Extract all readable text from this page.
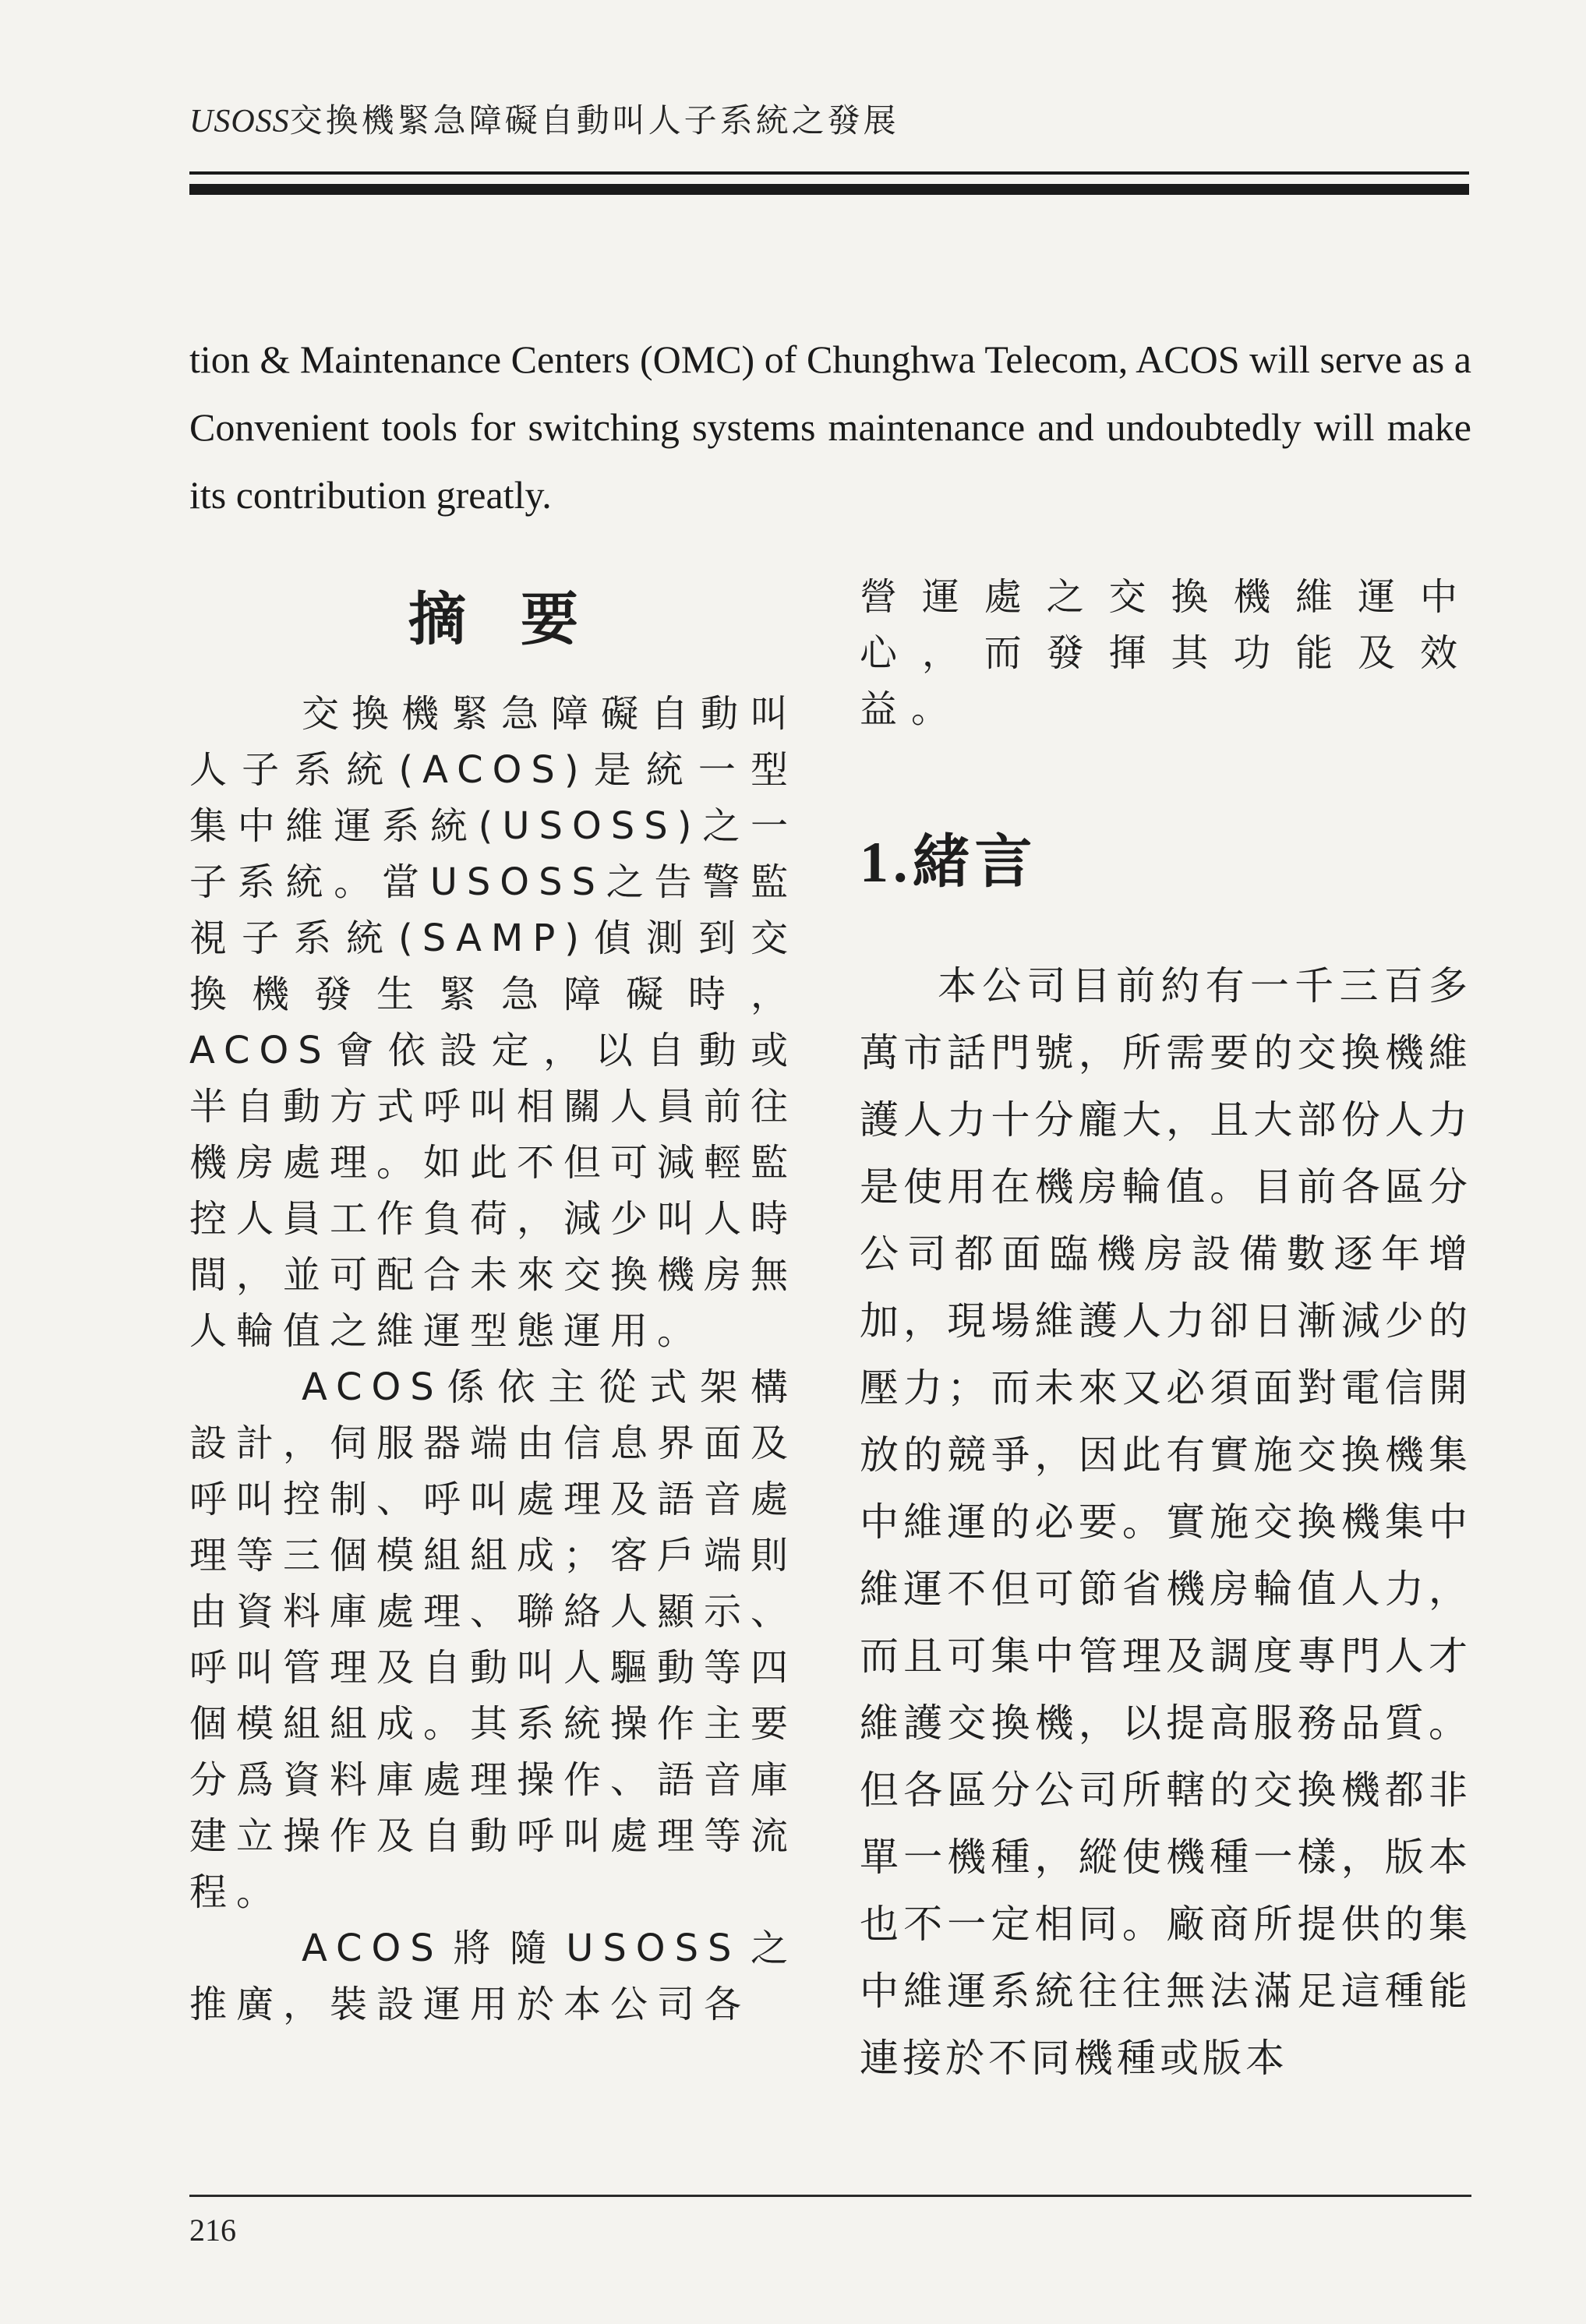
USOSS交換機緊急障礙自動叫人子系統之發展

tion & Maintenance Centers (OMC) of Chunghwa Telecom, ACOS will serve as a Convenient tools for switching systems maintenance and undoubtedly will make its contribution greatly.

摘要

交換機緊急障礙自動叫人子系統(ACOS)是統一型集中維運系統(USOSS)之一子系統。當USOSS之告警監視子系統(SAMP)偵測到交換機發生緊急障礙時，ACOS會依設定，以自動或半自動方式呼叫相關人員前往機房處理。如此不但可減輕監控人員工作負荷，減少叫人時間，並可配合未來交換機房無人輪值之維運型態運用。

ACOS係依主從式架構設計，伺服器端由信息界面及呼叫控制、呼叫處理及語音處理等三個模組組成；客戶端則由資料庫處理、聯絡人顯示、呼叫管理及自動叫人驅動等四個模組組成。其系統操作主要分爲資料庫處理操作、語音庫建立操作及自動呼叫處理等流程。

ACOS將隨USOSS之推廣，裝設運用於本公司各

營運處之交換機維運中心，而發揮其功能及效益。

1.緒言

本公司目前約有一千三百多萬市話門號，所需要的交換機維護人力十分龐大，且大部份人力是使用在機房輪值。目前各區分公司都面臨機房設備數逐年增加，現場維護人力卻日漸減少的壓力；而未來又必須面對電信開放的競爭，因此有實施交換機集中維運的必要。實施交換機集中維運不但可節省機房輪值人力，而且可集中管理及調度專門人才維護交換機，以提高服務品質。但各區分公司所轄的交換機都非單一機種，縱使機種一樣，版本也不一定相同。廠商所提供的集中維運系統往往無法滿足這種能連接於不同機種或版本

216
